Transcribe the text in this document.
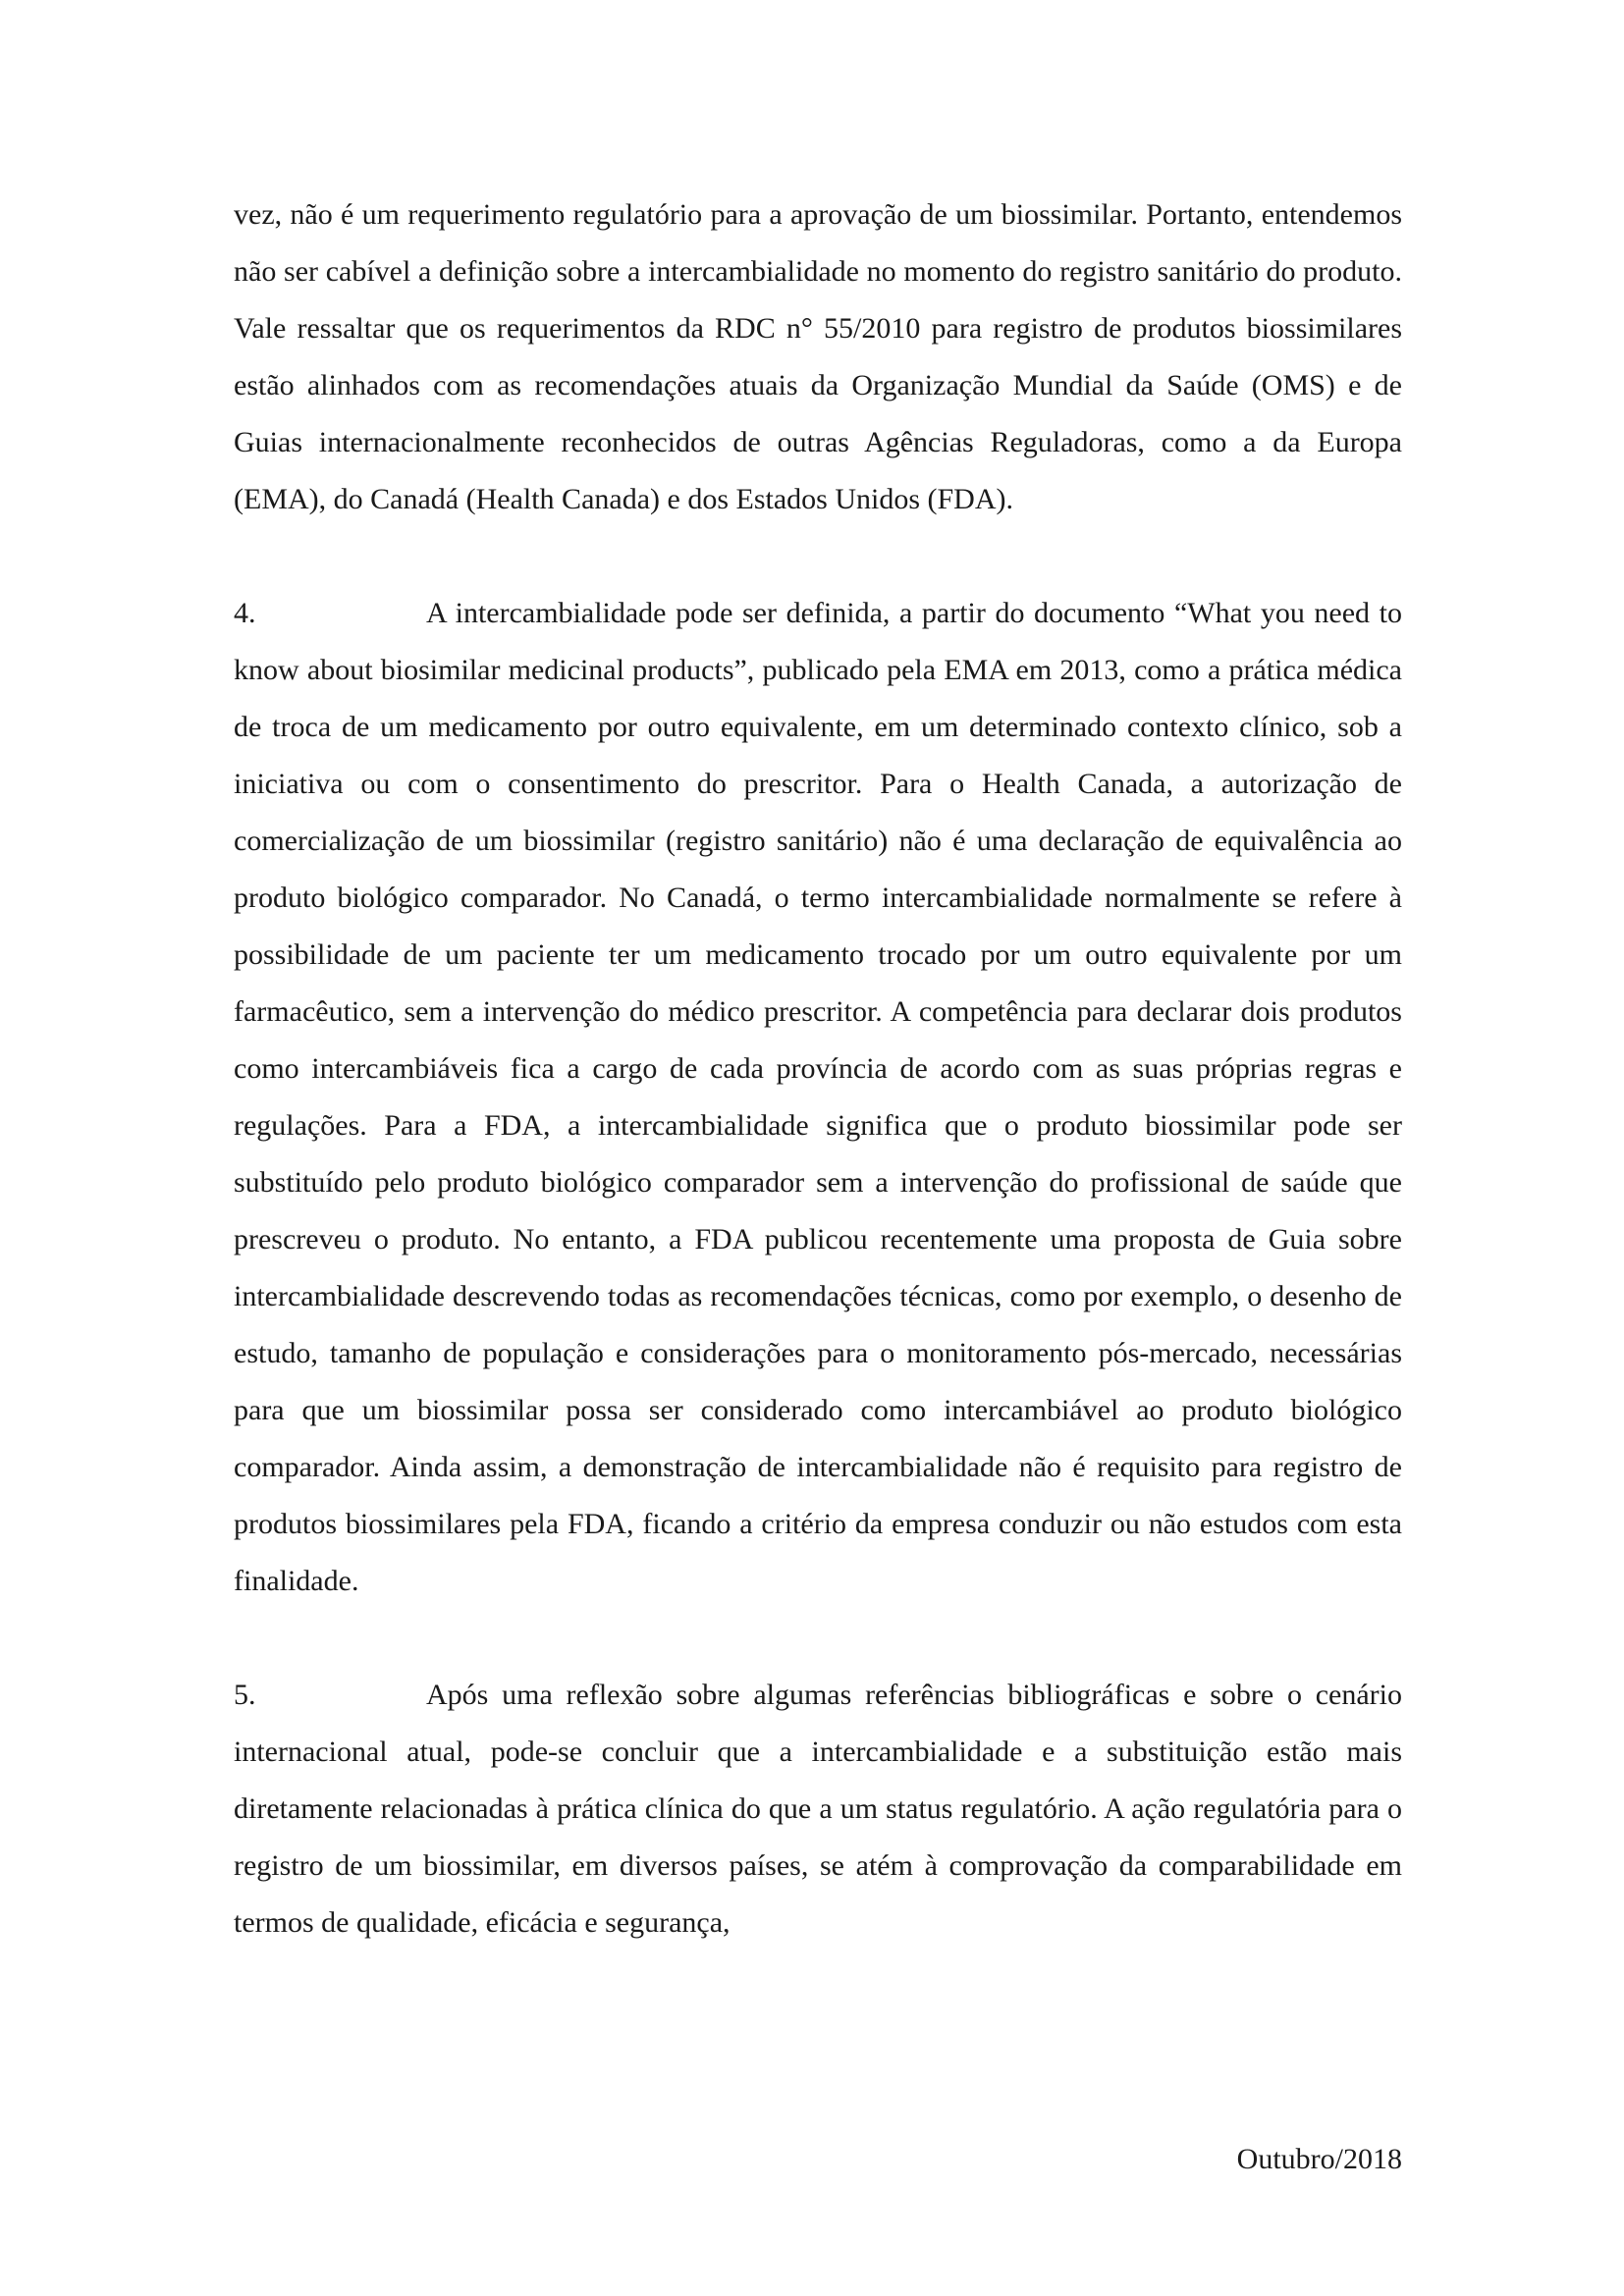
vez, não é um requerimento regulatório para a aprovação de um biossimilar. Portanto, entendemos não ser cabível a definição sobre a intercambialidade no momento do registro sanitário do produto. Vale ressaltar que os requerimentos da RDC n° 55/2010 para registro de produtos biossimilares estão alinhados com as recomendações atuais da Organização Mundial da Saúde (OMS) e de Guias internacionalmente reconhecidos de outras Agências Reguladoras, como a da Europa (EMA), do Canadá (Health Canada) e dos Estados Unidos (FDA).

4.	A intercambialidade pode ser definida, a partir do documento “What you need to know about biosimilar medicinal products”, publicado pela EMA em 2013, como a prática médica de troca de um medicamento por outro equivalente, em um determinado contexto clínico, sob a iniciativa ou com o consentimento do prescritor. Para o Health Canada, a autorização de comercialização de um biossimilar (registro sanitário) não é uma declaração de equivalência ao produto biológico comparador. No Canadá, o termo intercambialidade normalmente se refere à possibilidade de um paciente ter um medicamento trocado por um outro equivalente por um farmacêutico, sem a intervenção do médico prescritor. A competência para declarar dois produtos como intercambiáveis fica a cargo de cada província de acordo com as suas próprias regras e regulações. Para a FDA, a intercambialidade significa que o produto biossimilar pode ser substituído pelo produto biológico comparador sem a intervenção do profissional de saúde que prescreveu o produto. No entanto, a FDA publicou recentemente uma proposta de Guia sobre intercambialidade descrevendo todas as recomendações técnicas, como por exemplo, o desenho de estudo, tamanho de população e considerações para o monitoramento pós-mercado, necessárias para que um biossimilar possa ser considerado como intercambiável ao produto biológico comparador. Ainda assim, a demonstração de intercambialidade não é requisito para registro de produtos biossimilares pela FDA, ficando a critério da empresa conduzir ou não estudos com esta finalidade.

5.	Após uma reflexão sobre algumas referências bibliográficas e sobre o cenário internacional atual, pode-se concluir que a intercambialidade e a substituição estão mais diretamente relacionadas à prática clínica do que a um status regulatório. A ação regulatória para o registro de um biossimilar, em diversos países, se atém à comprovação da comparabilidade em termos de qualidade, eficácia e segurança,

Outubro/2018
